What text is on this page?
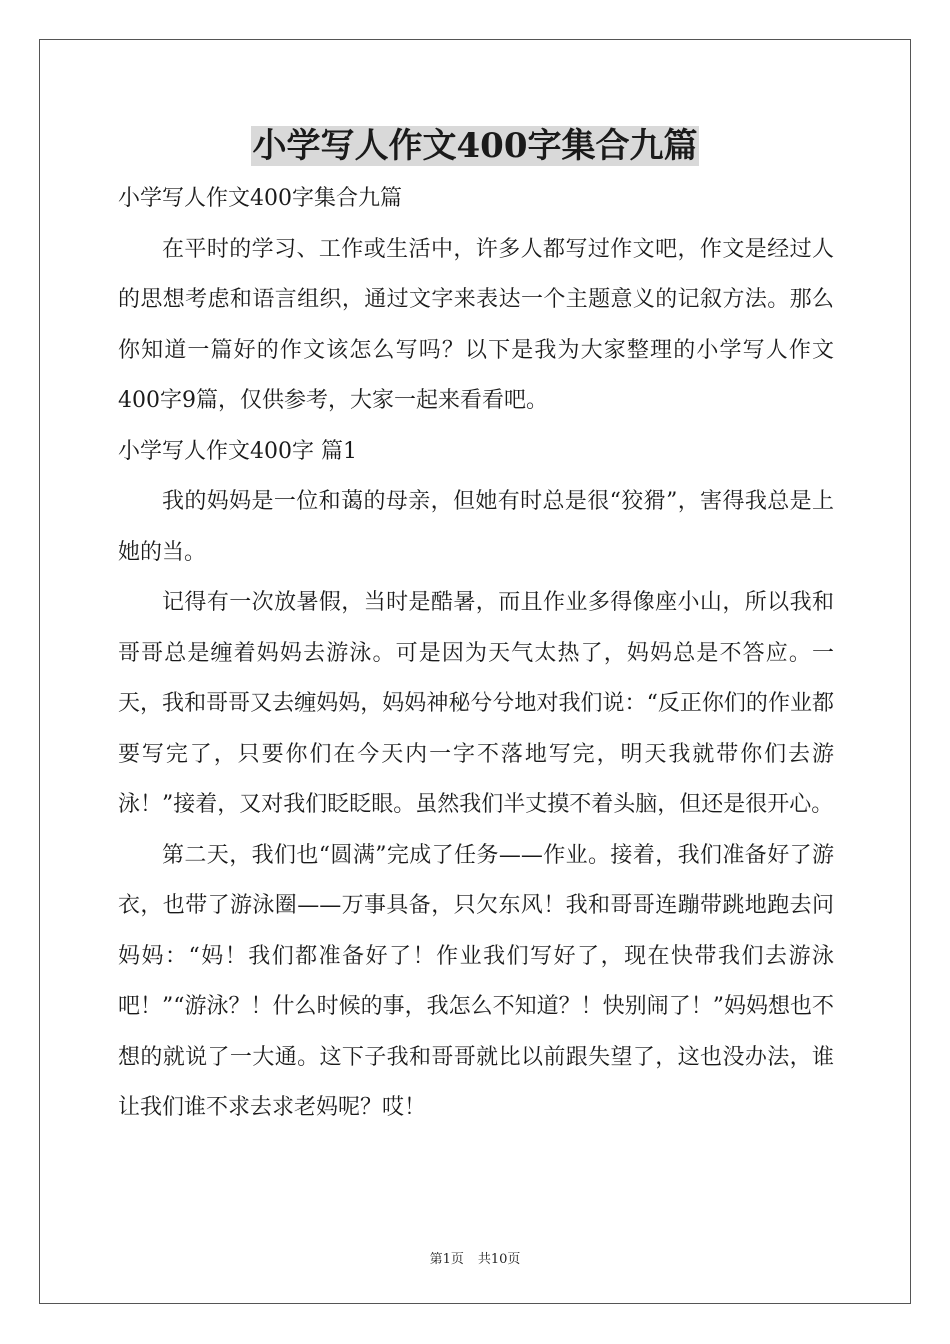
小学写人作文400字集合九篇

小学写人作文400字集合九篇

在平时的学习、工作或生活中，许多人都写过作文吧，作文是经过人的思想考虑和语言组织，通过文字来表达一个主题意义的记叙方法。那么你知道一篇好的作文该怎么写吗？以下是我为大家整理的小学写人作文400字9篇，仅供参考，大家一起来看看吧。

小学写人作文400字 篇1

我的妈妈是一位和蔼的母亲，但她有时总是很“狡猾”，害得我总是上她的当。

记得有一次放暑假，当时是酷暑，而且作业多得像座小山，所以我和哥哥总是缠着妈妈去游泳。可是因为天气太热了，妈妈总是不答应。一天，我和哥哥又去缠妈妈，妈妈神秘兮兮地对我们说：“反正你们的作业都要写完了，只要你们在今天内一字不落地写完，明天我就带你们去游泳！”接着，又对我们眨眨眼。虽然我们半丈摸不着头脑，但还是很开心。

第二天，我们也“圆满”完成了任务——作业。接着，我们准备好了游衣，也带了游泳圈——万事具备，只欠东风！我和哥哥连蹦带跳地跑去问妈妈：“妈！我们都准备好了！作业我们写好了，现在快带我们去游泳吧！”“游泳？！什么时候的事，我怎么不知道？！快别闹了！”妈妈想也不想的就说了一大通。这下子我和哥哥就比以前跟失望了，这也没办法，谁让我们谁不求去求老妈呢？哎！

第1页 共10页
